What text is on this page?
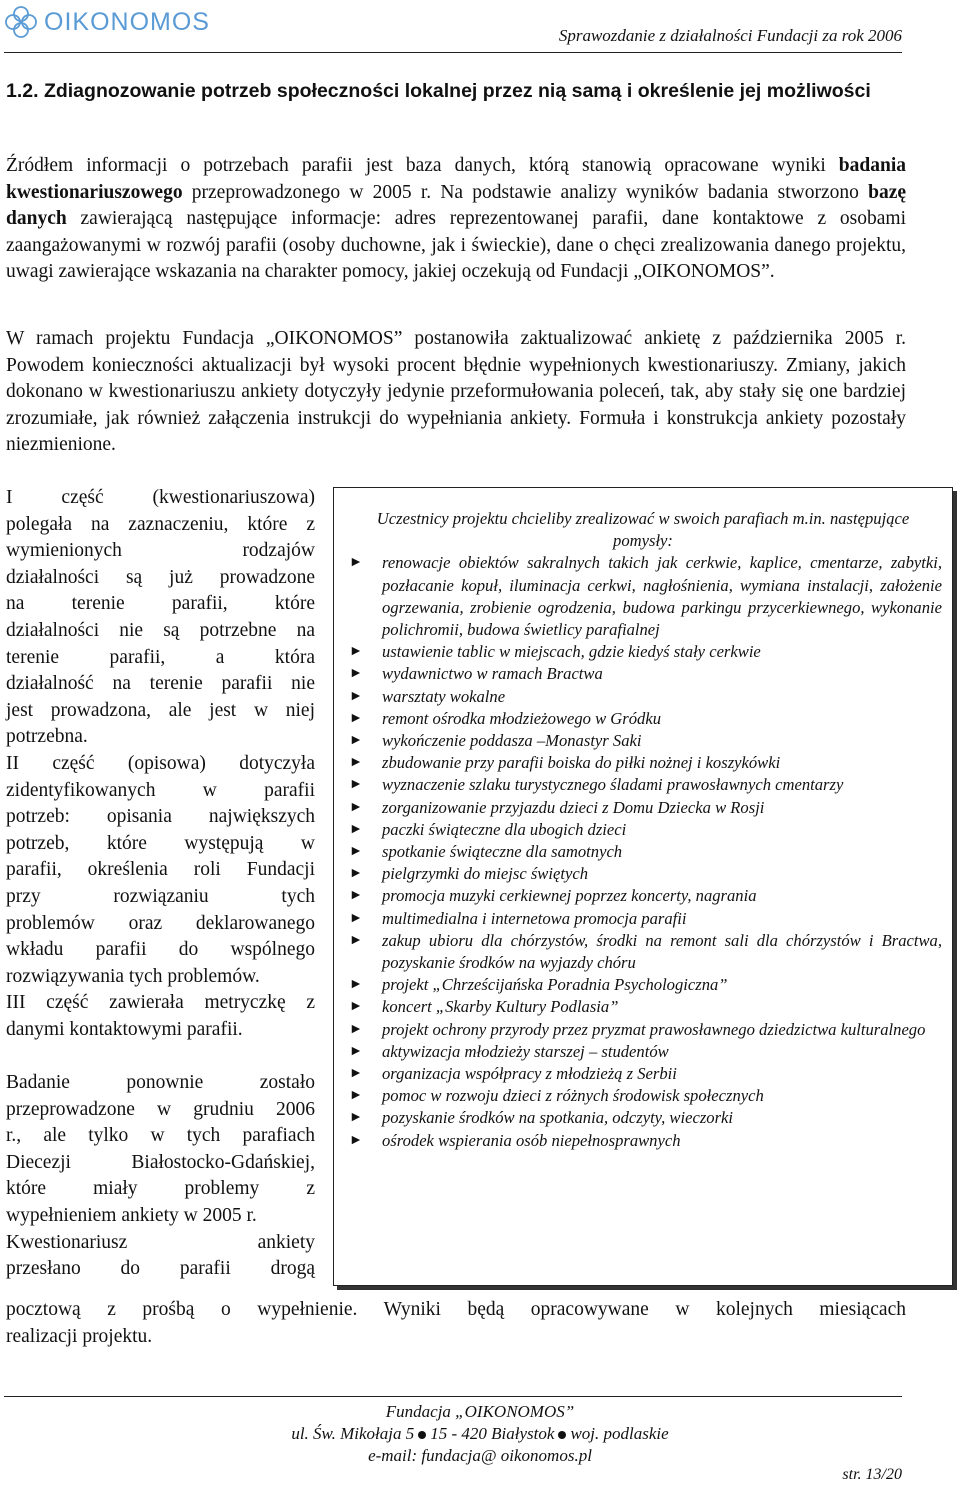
OIKONOMOS	Sprawozdanie z działalności Fundacji za rok 2006
1.2. Zdiagnozowanie potrzeb społeczności lokalnej przez nią samą i określenie jej możliwości
Źródłem informacji o potrzebach parafii jest baza danych, którą stanowią opracowane wyniki badania kwestionariuszowego przeprowadzonego w 2005 r. Na podstawie analizy wyników badania stworzono bazę danych zawierającą następujące informacje: adres reprezentowanej parafii, dane kontaktowe z osobami zaangażowanymi w rozwój parafii (osoby duchowne, jak i świeckie), dane o chęci zrealizowania danego projektu, uwagi zawierające wskazania na charakter pomocy, jakiej oczekują od Fundacji „OIKONOMOS”.
W ramach projektu Fundacja „OIKONOMOS” postanowiła zaktualizować ankietę z października 2005 r. Powodem konieczności aktualizacji był wysoki procent błędnie wypełnionych kwestionariuszy. Zmiany, jakich dokonano w kwestionariuszu ankiety dotyczyły jedynie przeformułowania poleceń, tak, aby stały się one bardziej zrozumiałe, jak również załączenia instrukcji do wypełniania ankiety. Formuła i konstrukcja ankiety pozostały niezmienione.
I część (kwestionariuszowa)
polegała na zaznaczeniu, które z
wymienionych rodzajów
działalności są już prowadzone
na terenie parafii, które
działalności nie są potrzebne na
terenie parafii, a która
działalność na terenie parafii nie
jest prowadzona, ale jest w niej
potrzebna.
II część (opisowa) dotyczyła
zidentyfikowanych w parafii
potrzeb: opisania największych
potrzeb, które występują w
parafii, określenia roli Fundacji
przy rozwiązaniu tych
problemów oraz deklarowanego
wkładu parafii do wspólnego
rozwiązywania tych problemów.
III część zawierała metryczkę z
danymi kontaktowymi parafii.
Badanie ponownie zostało
przeprowadzone w grudniu 2006
r., ale tylko w tych parafiach
Diecezji Białostocko-Gdańskiej,
które miały problemy z
wypełnieniem ankiety w 2005 r.
Kwestionariusz ankiety
przesłano do parafii drogą
pocztową z prośbą o wypełnienie. Wyniki będą opracowywane w kolejnych miesiącach
realizacji projektu.
Uczestnicy projektu chcieliby zrealizować w swoich parafiach m.in. następujące pomysły:
► renowacje obiektów sakralnych takich jak cerkwie, kaplice, cmentarze, zabytki, pozłacanie kopuł, iluminacja cerkwi, nagłośnienia, wymiana instalacji, założenie ogrzewania, zrobienie ogrodzenia, budowa parkingu przycerkiewnego, wykonanie polichromii, budowa świetlicy parafialnej
► ustawienie tablic w miejscach, gdzie kiedyś stały cerkwie
► wydawnictwo w ramach Bractwa
► warsztaty wokalne
► remont ośrodka młodzieżowego w Gródku
► wykończenie poddasza –Monastyr Saki
► zbudowanie przy parafii boiska do piłki nożnej i koszykówki
► wyznaczenie szlaku turystycznego śladami prawosławnych cmentarzy
► zorganizowanie przyjazdu dzieci z Domu Dziecka w Rosji
► paczki świąteczne dla ubogich dzieci
► spotkanie świąteczne dla samotnych
► pielgrzymki do miejsc świętych
► promocja muzyki cerkiewnej poprzez koncerty, nagrania
► multimedialna i internetowa promocja parafii
► zakup ubioru dla chórzystów, środki na remont sali dla chórzystów i Bractwa, pozyskanie środków na wyjazdy chóru
► projekt „Chrześcijańska Poradnia Psychologiczna”
► koncert „Skarby Kultury Podlasia”
► projekt ochrony przyrody przez pryzmat prawosławnego dziedzictwa kulturalnego
► aktywizacja młodzieży starszej – studentów
► organizacja współpracy z młodzieżą z Serbii
► pomoc w rozwoju dzieci z różnych środowisk społecznych
► pozyskanie środków na spotkania, odczyty, wieczorki
► ośrodek wspierania osób niepełnosprawnych
Fundacja „OIKONOMOS”
ul. Św. Mikołaja 5 15 - 420 Białystok woj. podlaskie
e-mail: fundacja@ oikonomos.pl
str. 13/20
